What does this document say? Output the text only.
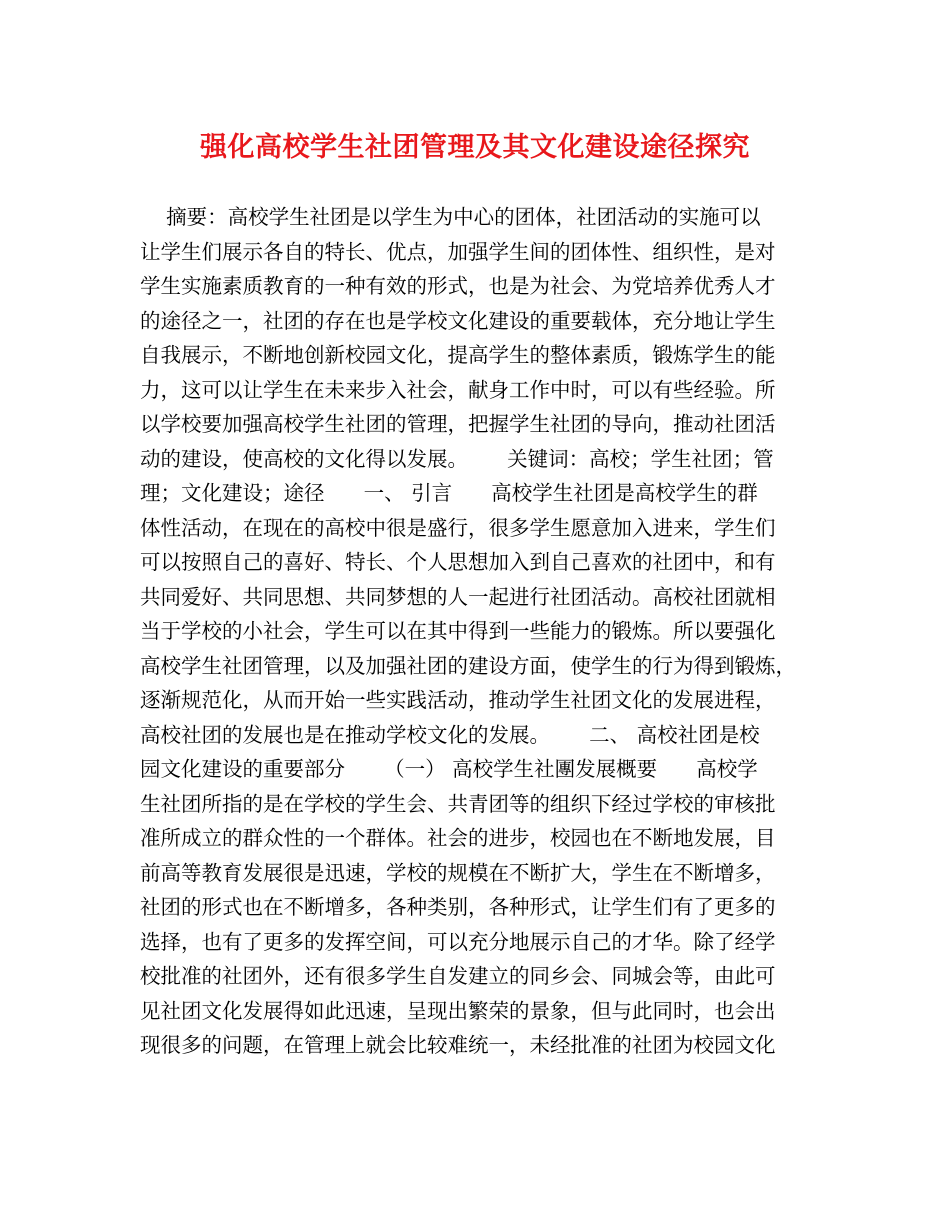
强化高校学生社团管理及其文化建设途径探究
摘要：高校学生社团是以学生为中心的团体，社团活动的实施可以
让学生们展示各自的特长、优点，加强学生间的团体性、组织性，是对
学生实施素质教育的一种有效的形式，也是为社会、为党培养优秀人才
的途径之一，社团的存在也是学校文化建设的重要载体，充分地让学生
自我展示，不断地创新校园文化，提高学生的整体素质，锻炼学生的能
力，这可以让学生在未来步入社会，献身工作中时，可以有些经验。所
以学校要加强高校学生社团的管理，把握学生社团的导向，推动社团活
动的建设，使高校的文化得以发展。      关键词：高校；学生社团；管
理；文化建设；途径      一、 引言      高校学生社团是高校学生的群
体性活动，在现在的高校中很是盛行，很多学生愿意加入进来，学生们
可以按照自己的喜好、特长、个人思想加入到自己喜欢的社团中，和有
共同爱好、共同思想、共同梦想的人一起进行社团活动。高校社团就相
当于学校的小社会，学生可以在其中得到一些能力的锻炼。所以要强化
高校学生社团管理，以及加强社团的建设方面，使学生的行为得到锻炼，
逐渐规范化，从而开始一些实践活动，推动学生社团文化的发展进程，
高校社团的发展也是在推动学校文化的发展。      二、 高校社团是校
园文化建设的重要部分      （一） 高校学生社團发展概要      高校学
生社团所指的是在学校的学生会、共青团等的组织下经过学校的审核批
准所成立的群众性的一个群体。社会的进步，校园也在不断地发展，目
前高等教育发展很是迅速，学校的规模在不断扩大，学生在不断增多，
社团的形式也在不断增多，各种类别，各种形式，让学生们有了更多的
选择，也有了更多的发挥空间，可以充分地展示自己的才华。除了经学
校批准的社团外，还有很多学生自发建立的同乡会、同城会等，由此可
见社团文化发展得如此迅速，呈现出繁荣的景象，但与此同时，也会出
现很多的问题，在管理上就会比较难统一，未经批准的社团为校园文化
